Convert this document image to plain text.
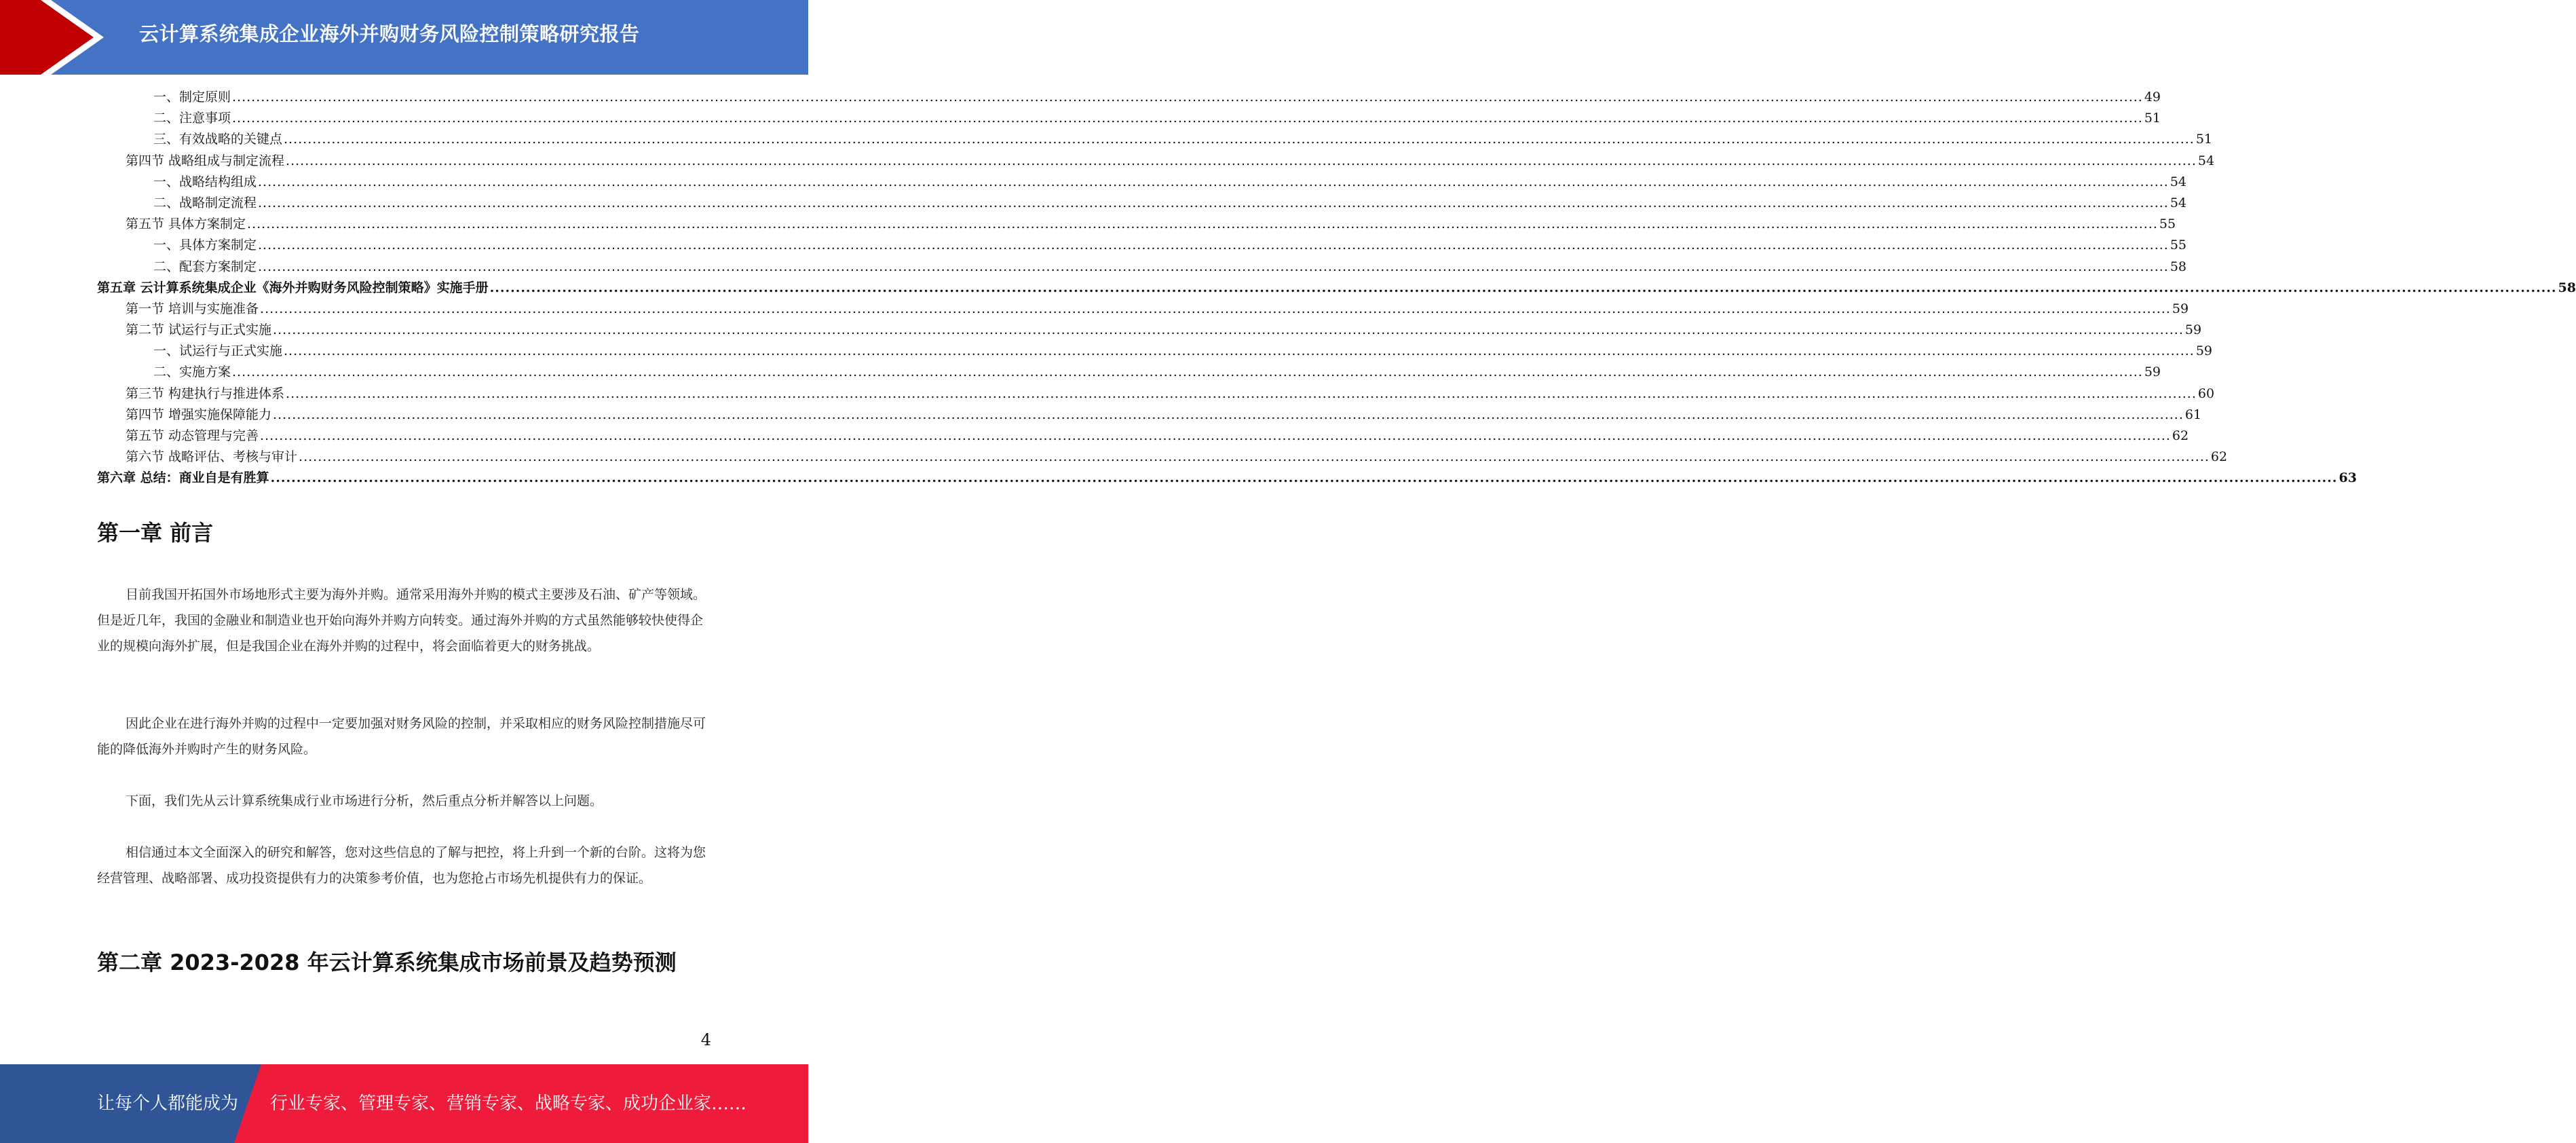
云计算系统集成企业海外并购财务风险控制策略研究报告
一、制定原则 ................................................................................................................................................................................................................................................................................................................................................................................................................ 49
二、注意事项 ................................................................................................................................................................................................................................................................................................................................................................................................................ 51
三、有效战略的关键点 ................................................................................................................................................................................................................................................................................................................................................................................................................ 51
第四节 战略组成与制定流程 ................................................................................................................................................................................................................................................................................................................................................................................................................ 54
一、战略结构组成 ................................................................................................................................................................................................................................................................................................................................................................................................................ 54
二、战略制定流程 ................................................................................................................................................................................................................................................................................................................................................................................................................ 54
第五节 具体方案制定 ................................................................................................................................................................................................................................................................................................................................................................................................................ 55
一、具体方案制定 ................................................................................................................................................................................................................................................................................................................................................................................................................ 55
二、配套方案制定 ................................................................................................................................................................................................................................................................................................................................................................................................................ 58
第五章 云计算系统集成企业《海外并购财务风险控制策略》实施手册 ................................................................................................................................................................................................................................................................................................................................................................................................................ 58
第一节 培训与实施准备 ................................................................................................................................................................................................................................................................................................................................................................................................................ 59
第二节 试运行与正式实施 ................................................................................................................................................................................................................................................................................................................................................................................................................ 59
一、试运行与正式实施 ................................................................................................................................................................................................................................................................................................................................................................................................................ 59
二、实施方案 ................................................................................................................................................................................................................................................................................................................................................................................................................ 59
第三节 构建执行与推进体系 ................................................................................................................................................................................................................................................................................................................................................................................................................ 60
第四节 增强实施保障能力 ................................................................................................................................................................................................................................................................................................................................................................................................................ 61
第五节 动态管理与完善 ................................................................................................................................................................................................................................................................................................................................................................................................................ 62
第六节 战略评估、考核与审计 ................................................................................................................................................................................................................................................................................................................................................................................................................ 62
第六章 总结：商业自是有胜算 ................................................................................................................................................................................................................................................................................................................................................................................................................ 63
第一章 前言
目前我国开拓国外市场地形式主要为海外并购。通常采用海外并购的模式主要涉及石油、矿产等领域。但是近几年，我国的金融业和制造业也开始向海外并购方向转变。通过海外并购的方式虽然能够较快使得企业的规模向海外扩展，但是我国企业在海外并购的过程中，将会面临着更大的财务挑战。
因此企业在进行海外并购的过程中一定要加强对财务风险的控制，并采取相应的财务风险控制措施尽可能的降低海外并购时产生的财务风险。
下面，我们先从云计算系统集成行业市场进行分析，然后重点分析并解答以上问题。
相信通过本文全面深入的研究和解答，您对这些信息的了解与把控，将上升到一个新的台阶。这将为您经营管理、战略部署、成功投资提供有力的决策参考价值，也为您抢占市场先机提供有力的保证。
第二章 2023-2028 年云计算系统集成市场前景及趋势预测
4
让每个人都能成为 行业专家、管理专家、营销专家、战略专家、成功企业家……
